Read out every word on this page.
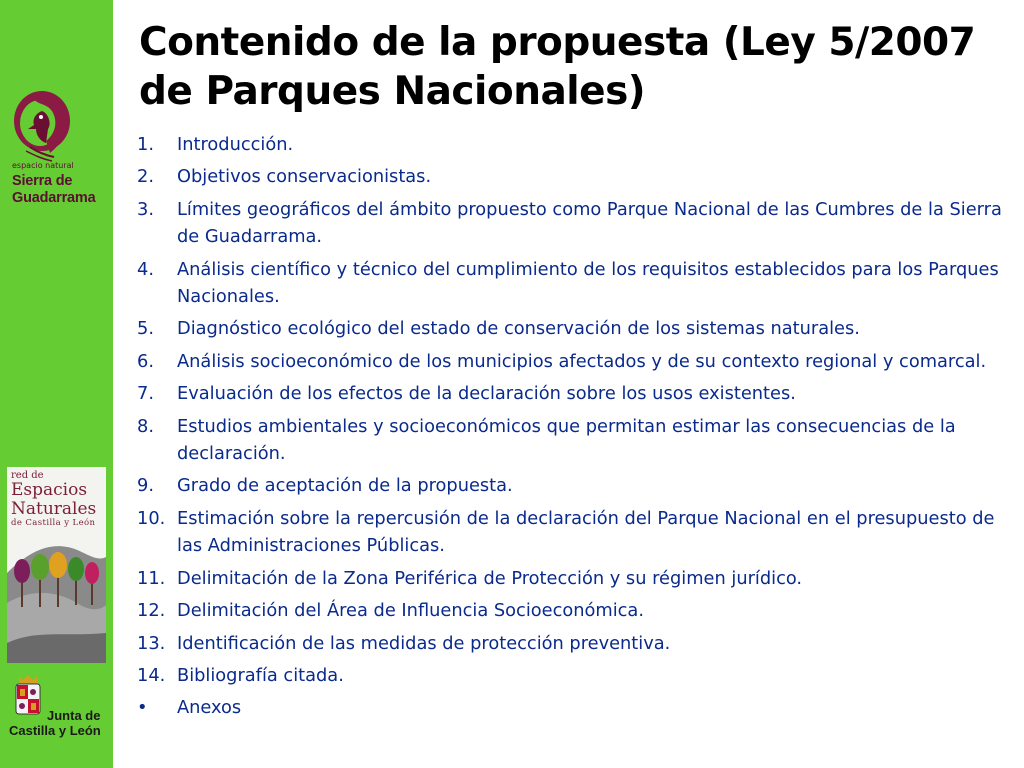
espacio natural
Sierra de
Guadarrama
red de
Espacios
Naturales
de Castilla y León
Junta de
Castilla y León
Contenido de la propuesta (Ley 5/2007 de Parques Nacionales)
1.	Introducción.
2.	Objetivos conservacionistas.
3.	Límites geográficos del ámbito propuesto como Parque Nacional de las Cumbres de la Sierra de Guadarrama.
4.	Análisis científico y técnico del cumplimiento de los requisitos establecidos para los Parques Nacionales.
5.	Diagnóstico ecológico del estado de conservación de los sistemas naturales.
6.	Análisis socioeconómico de los municipios afectados y de su contexto regional y comarcal.
7.	Evaluación de los efectos de la declaración sobre los usos existentes.
8.	Estudios ambientales y socioeconómicos que permitan estimar las consecuencias de la declaración.
9.	Grado de aceptación de la propuesta.
10. Estimación sobre la repercusión de la declaración del Parque Nacional en el presupuesto de las Administraciones Públicas.
11. Delimitación de la Zona Periférica de Protección y su régimen jurídico.
12. Delimitación del Área de Influencia Socioeconómica.
13. Identificación de las medidas de protección preventiva.
14. Bibliografía citada.
•	Anexos
